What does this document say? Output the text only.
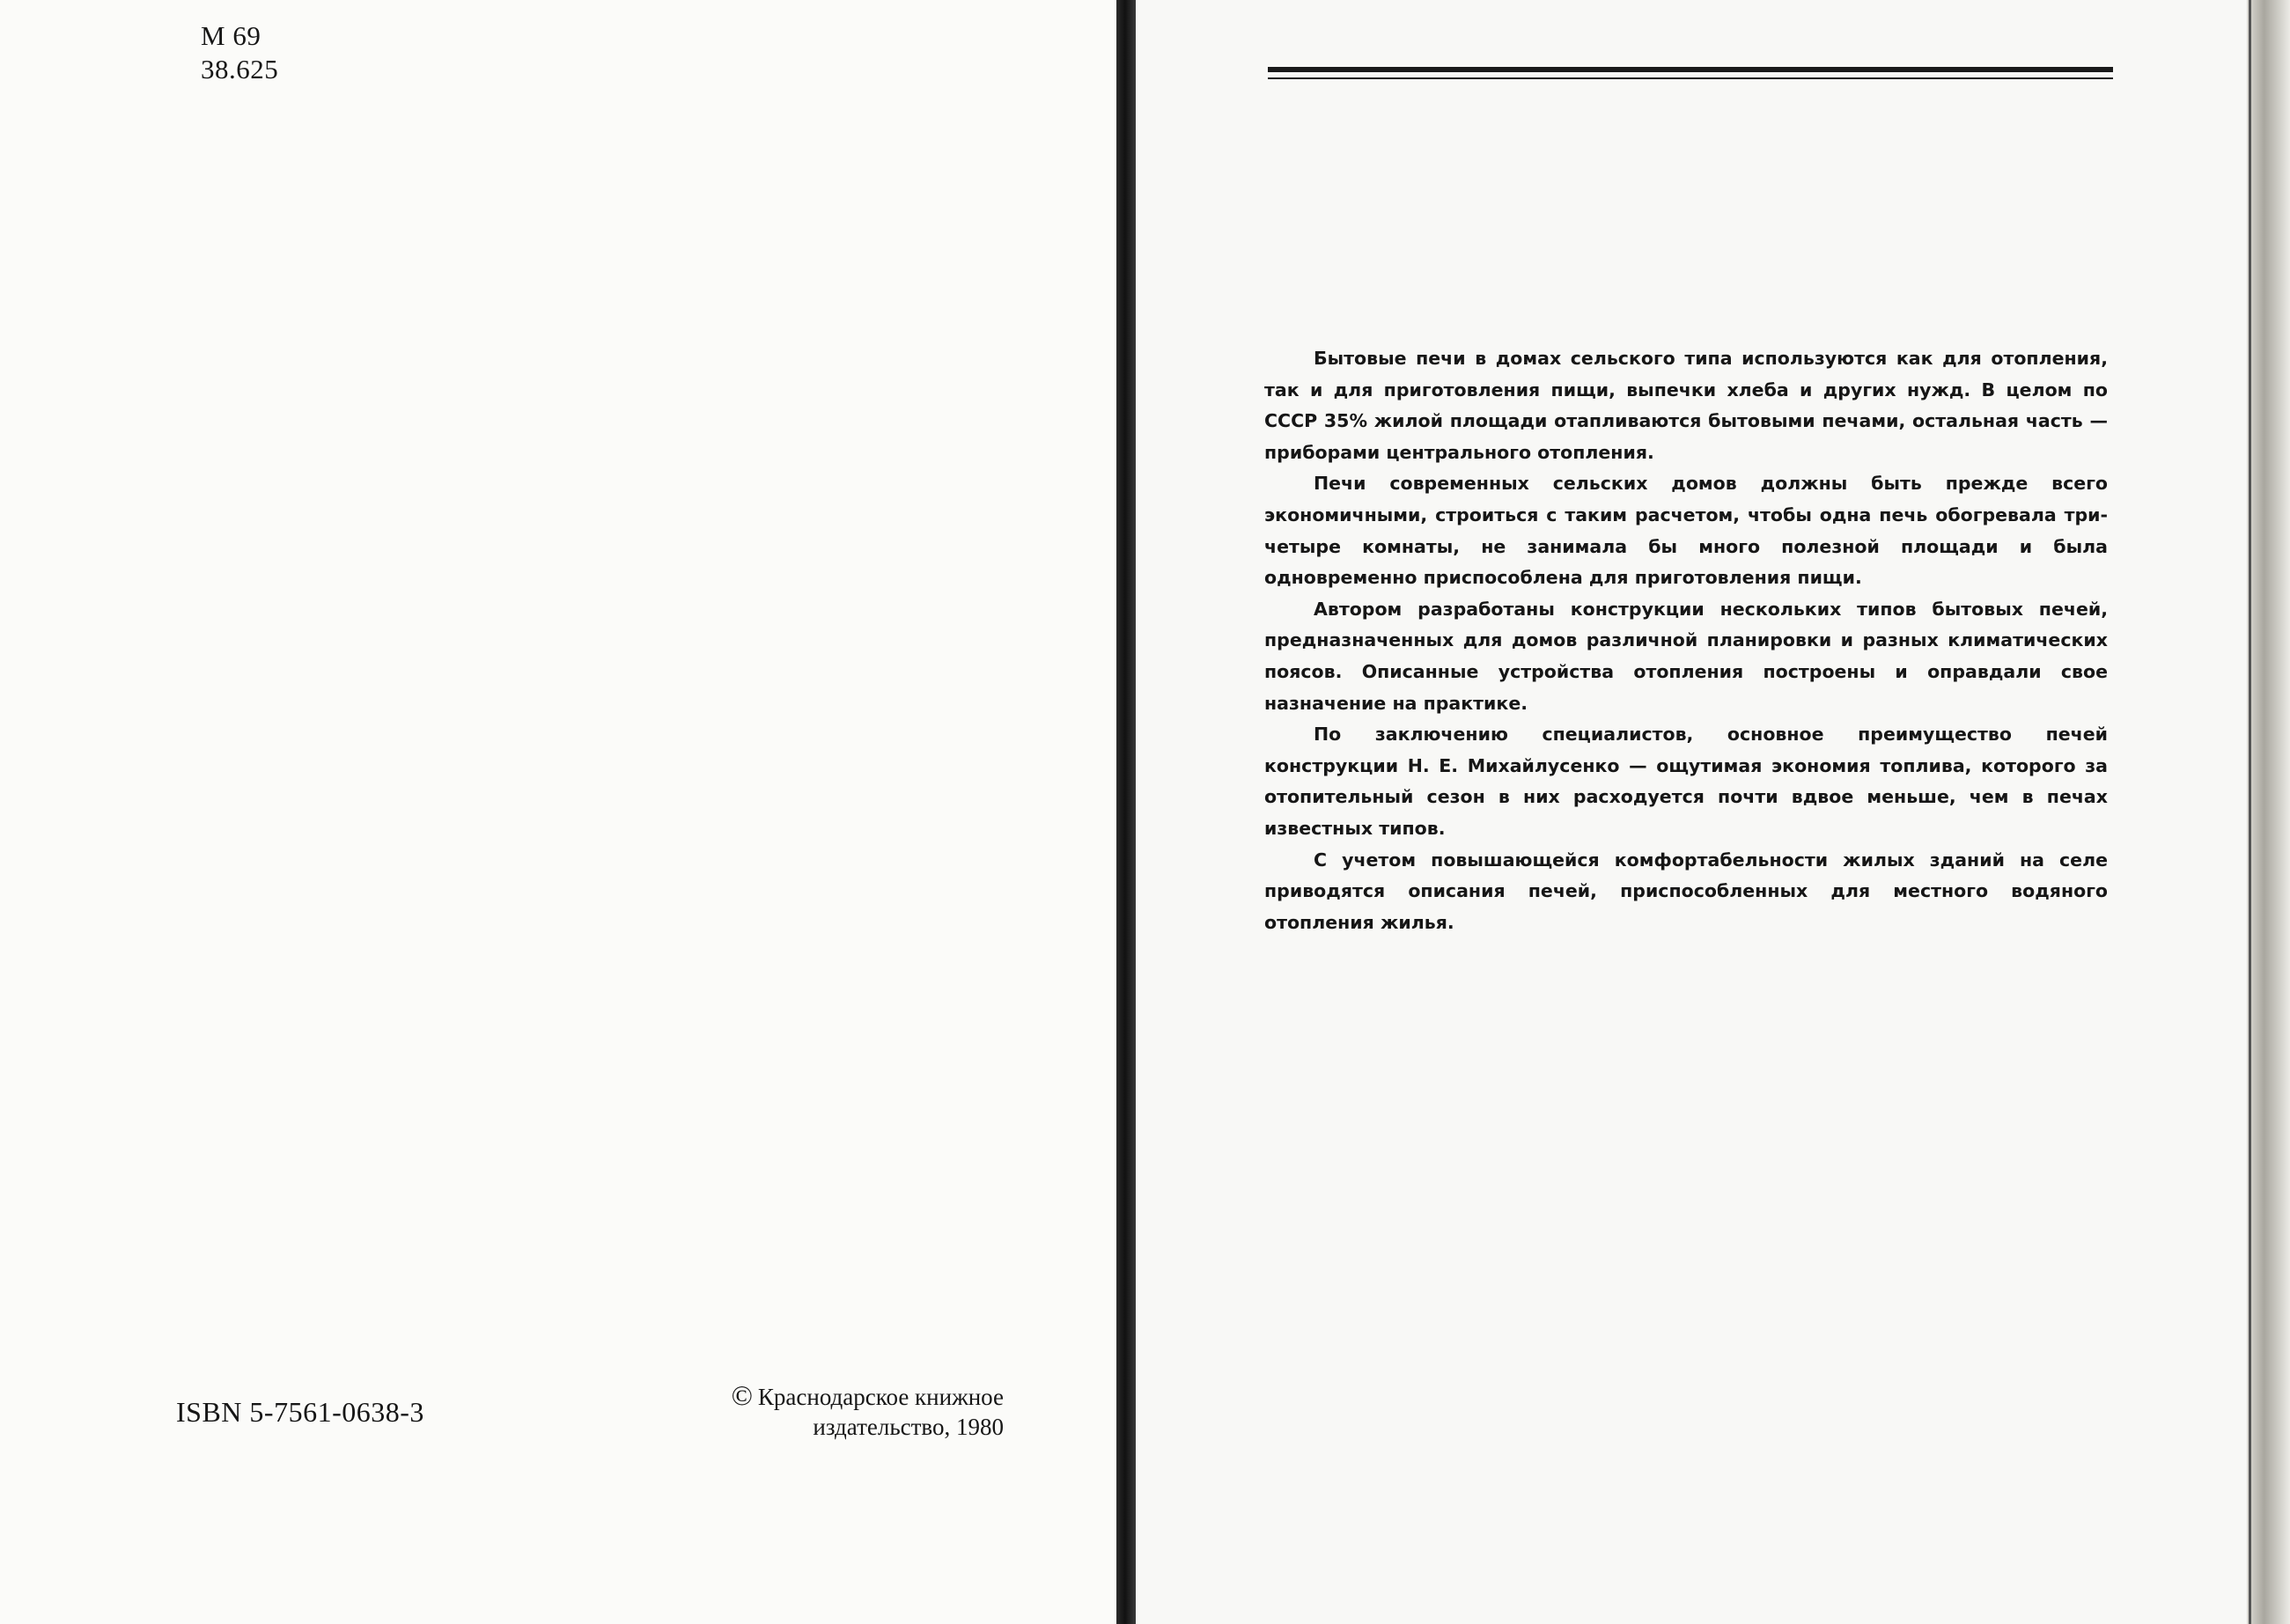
М 69
38.625
ISBN 5-7561-0638-3
© Краснодарское книжное
издательство, 1980

Бытовые печи в домах сельского типа используются как для отопления, так и для приготовления пищи, выпечки хлеба и других нужд. В целом по СССР 35% жилой площади отапливаются бытовыми печами, остальная часть — приборами центрального отопления.

Печи современных сельских домов должны быть прежде всего экономичными, строиться с таким расчетом, чтобы одна печь обогревала три-четыре комнаты, не занимала бы много полезной площади и была одновременно приспособлена для приготовления пищи.

Автором разработаны конструкции нескольких типов бытовых печей, предназначенных для домов различной планировки и разных климатических поясов. Описанные устройства отопления построены и оправдали свое назначение на практике.

По заключению специалистов, основное преимущество печей конструкции Н. Е. Михайлусенко — ощутимая экономия топлива, которого за отопительный сезон в них расходуется почти вдвое меньше, чем в печах известных типов.

С учетом повышающейся комфортабельности жилых зданий на селе приводятся описания печей, приспособленных для местного водяного отопления жилья.
